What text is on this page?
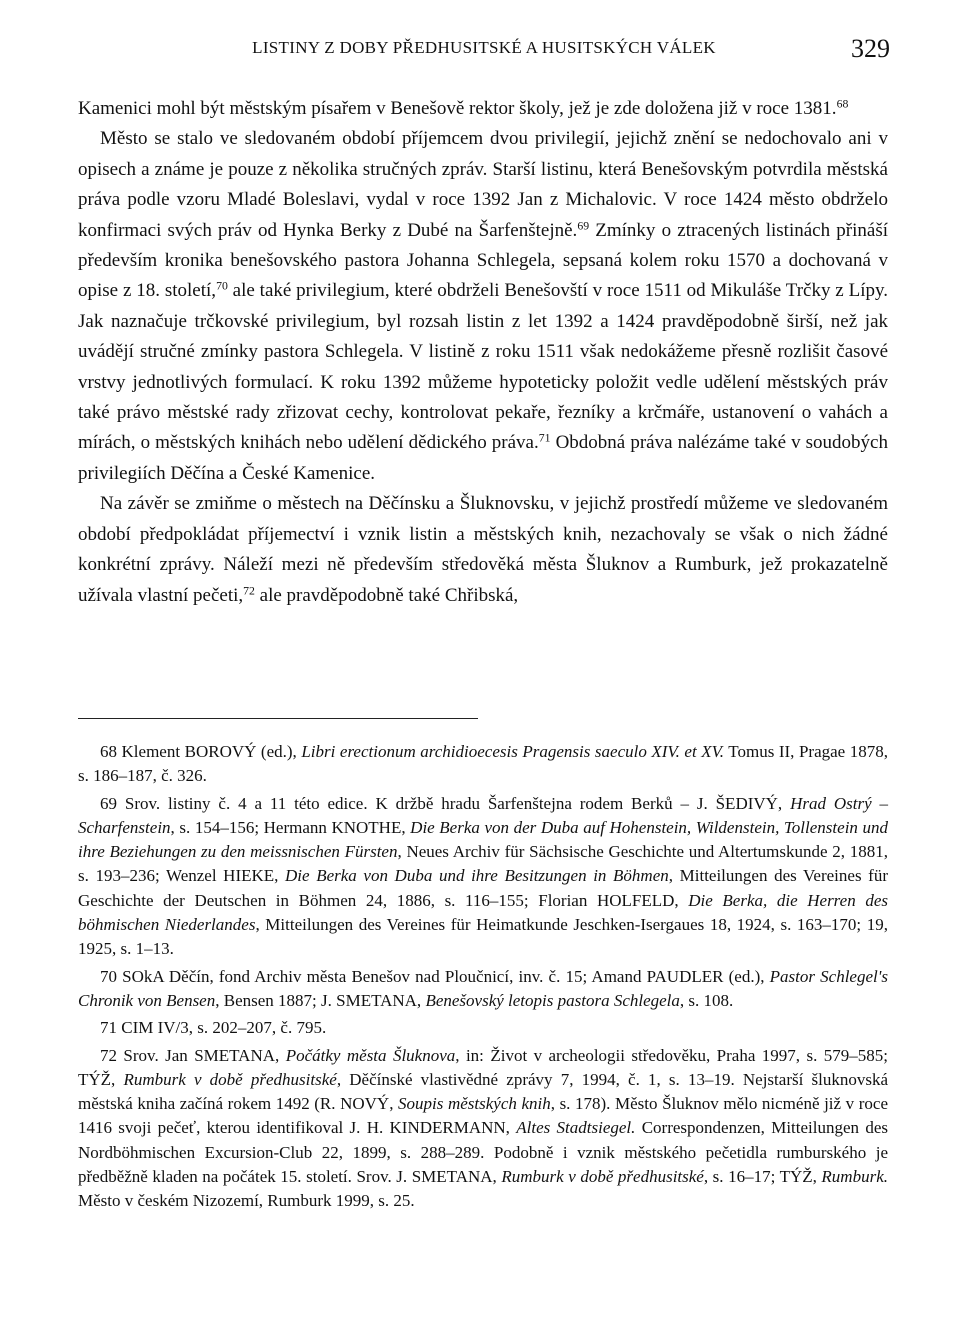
LISTINY Z DOBY PŘEDHUSITSKÉ A HUSITSKÝCH VÁLEK	329

Kamenici mohl být městským písařem v Benešově rektor školy, jež je zde doložena již v roce 1381.68

Město se stalo ve sledovaném období příjemcem dvou privilegií, jejichž znění se nedochovalo ani v opisech a známe je pouze z několika stručných zpráv. Starší listinu, která Benešovským potvrdila městská práva podle vzoru Mladé Boleslavi, vydal v roce 1392 Jan z Michalovic. V roce 1424 město obdrželo konfirmaci svých práv od Hynka Berky z Dubé na Šarfenštejně.$^{69}$ Zmínky o ztracených listinách přináší především kronika benešovského pastora Johanna Schlegela, sepsaná kolem roku 1570 a dochovaná v opise z 18. století,$^{70}$ ale také privilegium, které obdrželi Benešovští v roce 1511 od Mikuláše Trčky z Lípy. Jak naznačuje trčkovské privilegium, byl rozsah listin z let 1392 a 1424 pravděpodobně širší, než jak uvádějí stručné zmínky pastora Schlegela. V listině z roku 1511 však nedokážeme přesně rozlišit časové vrstvy jednotlivých formulací. K roku 1392 můžeme hypoteticky položit vedle udělení městských práv také právo městské rady zřizovat cechy, kontrolovat pekaře, řezníky a krčmáře, ustanovení o vahách a mírách, o městských knihách nebo udělení dědického práva.$^{71}$ Obdobná práva nalézáme také v soudobých privilegiích Děčína a České Kamenice.

Na závěr se zmiňme o městech na Děčínsku a Šluknovsku, v jejichž prostředí můžeme ve sledovaném období předpokládat příjemectví i vznik listin a městských knih, nezachovaly se však o nich žádné konkrétní zprávy. Náleží mezi ně především středověká města Šluknov a Rumburk, jež prokazatelně užívala vlastní pečeti,$^{72}$ ale pravděpodobně také Chřibská,

68 Klement BOROVÝ (ed.), Libri erectionum archidioecesis Pragensis saeculo XIV. et XV. Tomus II, Pragae 1878, s. 186–187, č. 326.

69 Srov. listiny č. 4 a 11 této edice. K držbě hradu Šarfenštejna rodem Berků – J. ŠEDIVÝ, Hrad Ostrý – Scharfenstein, s. 154–156; Hermann KNOTHE, Die Berka von der Duba auf Hohenstein, Wildenstein, Tollenstein und ihre Beziehungen zu den meissnischen Fürsten, Neues Archiv für Sächsische Geschichte und Altertumskunde 2, 1881, s. 193–236; Wenzel HIEKE, Die Berka von Duba und ihre Besitzungen in Böhmen, Mitteilungen des Vereines für Geschichte der Deutschen in Böhmen 24, 1886, s. 116–155; Florian HOLFELD, Die Berka, die Herren des böhmischen Niederlandes, Mitteilungen des Vereines für Heimatkunde Jeschken-Isergaues 18, 1924, s. 163–170; 19, 1925, s. 1–13.

70 SOkA Děčín, fond Archiv města Benešov nad Ploučnicí, inv. č. 15; Amand PAUDLER (ed.), Pastor Schlegel's Chronik von Bensen, Bensen 1887; J. SMETANA, Benešovský letopis pastora Schlegela, s. 108.

71 CIM IV/3, s. 202–207, č. 795.

72 Srov. Jan SMETANA, Počátky města Šluknova, in: Život v archeologii středověku, Praha 1997, s. 579–585; TÝŽ, Rumburk v době předhusitské, Děčínské vlastivědné zprávy 7, 1994, č. 1, s. 13–19. Nejstarší šluknovská městská kniha začíná rokem 1492 (R. NOVÝ, Soupis městských knih, s. 178). Město Šluknov mělo nicméně již v roce 1416 svoji pečeť, kterou identifikoval J. H. KINDERMANN, Altes Stadtsiegel. Correspondenzen, Mitteilungen des Nordböhmischen Excursion-Club 22, 1899, s. 288–289. Podobně i vznik městského pečetidla rumburského je předběžně kladen na počátek 15. století. Srov. J. SMETANA, Rumburk v době předhusitské, s. 16–17; TÝŽ, Rumburk. Město v českém Nizozemí, Rumburk 1999, s. 25.
